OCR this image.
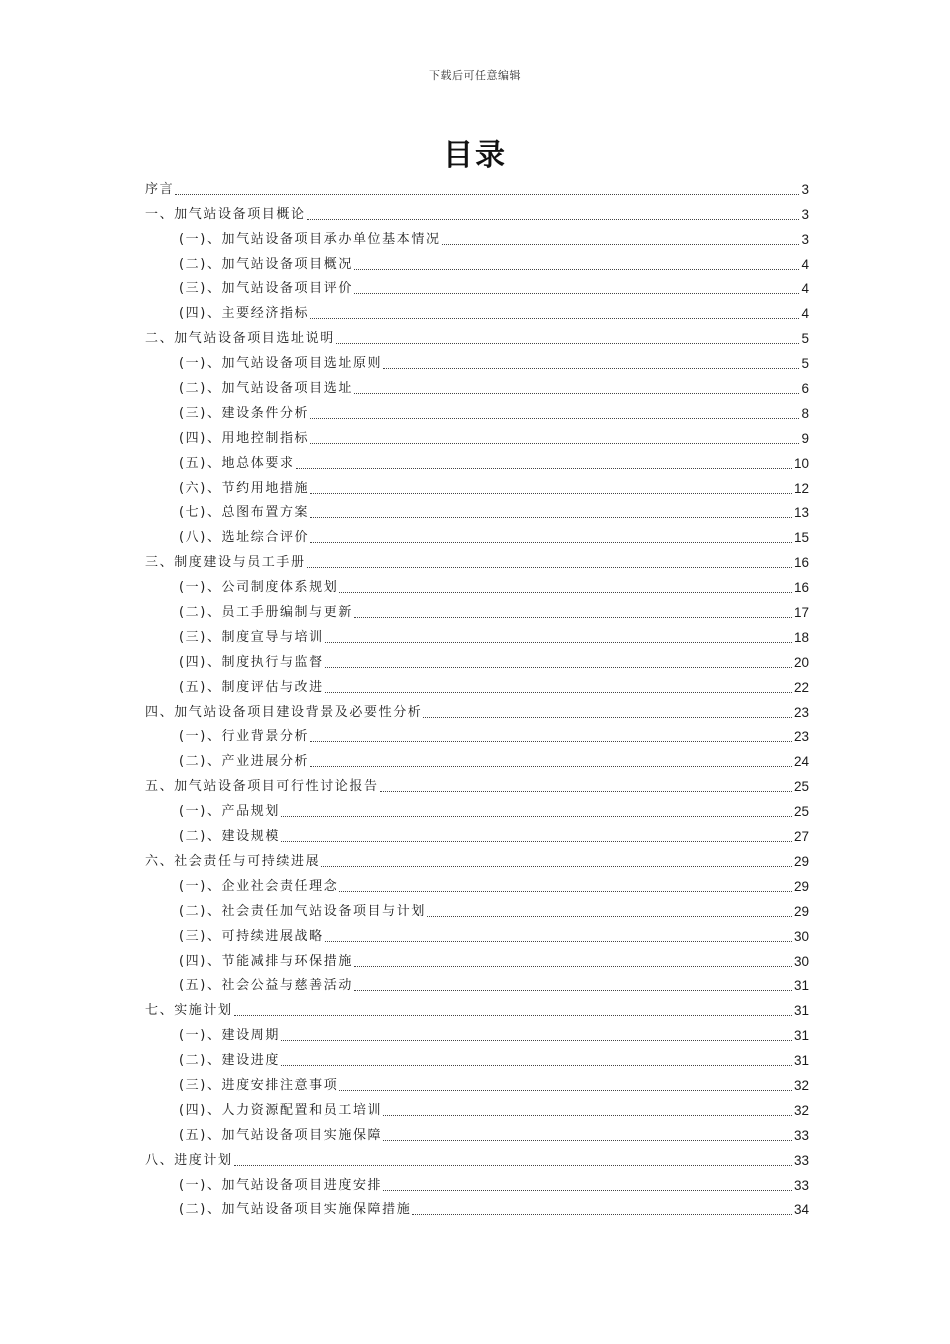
下载后可任意编辑
目录
序言	3
一、加气站设备项目概论	3
(一)、加气站设备项目承办单位基本情况	3
(二)、加气站设备项目概况	4
(三)、加气站设备项目评价	4
(四)、主要经济指标	4
二、加气站设备项目选址说明	5
(一)、加气站设备项目选址原则	5
(二)、加气站设备项目选址	6
(三)、建设条件分析	8
(四)、用地控制指标	9
(五)、地总体要求	10
(六)、节约用地措施	12
(七)、总图布置方案	13
(八)、选址综合评价	15
三、制度建设与员工手册	16
(一)、公司制度体系规划	16
(二)、员工手册编制与更新	17
(三)、制度宣导与培训	18
(四)、制度执行与监督	20
(五)、制度评估与改进	22
四、加气站设备项目建设背景及必要性分析	23
(一)、行业背景分析	23
(二)、产业进展分析	24
五、加气站设备项目可行性讨论报告	25
(一)、产品规划	25
(二)、建设规模	27
六、社会责任与可持续进展	29
(一)、企业社会责任理念	29
(二)、社会责任加气站设备项目与计划	29
(三)、可持续进展战略	30
(四)、节能减排与环保措施	30
(五)、社会公益与慈善活动	31
七、实施计划	31
(一)、建设周期	31
(二)、建设进度	31
(三)、进度安排注意事项	32
(四)、人力资源配置和员工培训	32
(五)、加气站设备项目实施保障	33
八、进度计划	33
(一)、加气站设备项目进度安排	33
(二)、加气站设备项目实施保障措施	34
